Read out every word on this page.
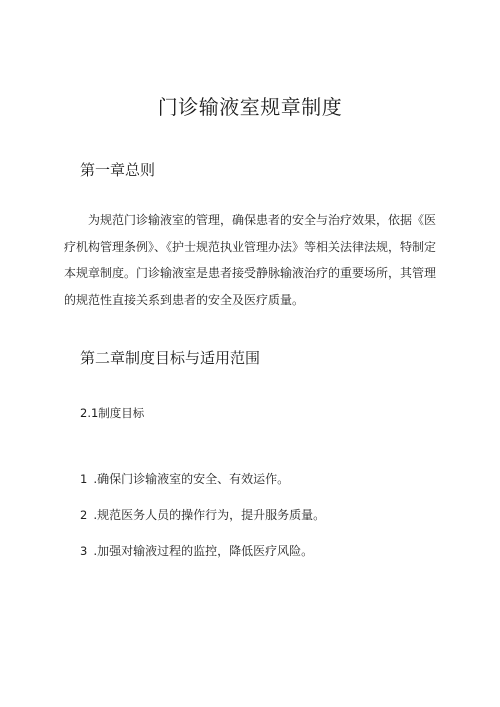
门诊输液室规章制度
第一章总则
为规范门诊输液室的管理，确保患者的安全与治疗效果，依据《医疗机构管理条例》、《护士规范执业管理办法》等相关法律法规，特制定本规章制度。门诊输液室是患者接受静脉输液治疗的重要场所，其管理的规范性直接关系到患者的安全及医疗质量。
第二章制度目标与适用范围
2.1制度目标
1 .确保门诊输液室的安全、有效运作。
2 .规范医务人员的操作行为，提升服务质量。
3 .加强对输液过程的监控，降低医疗风险。
